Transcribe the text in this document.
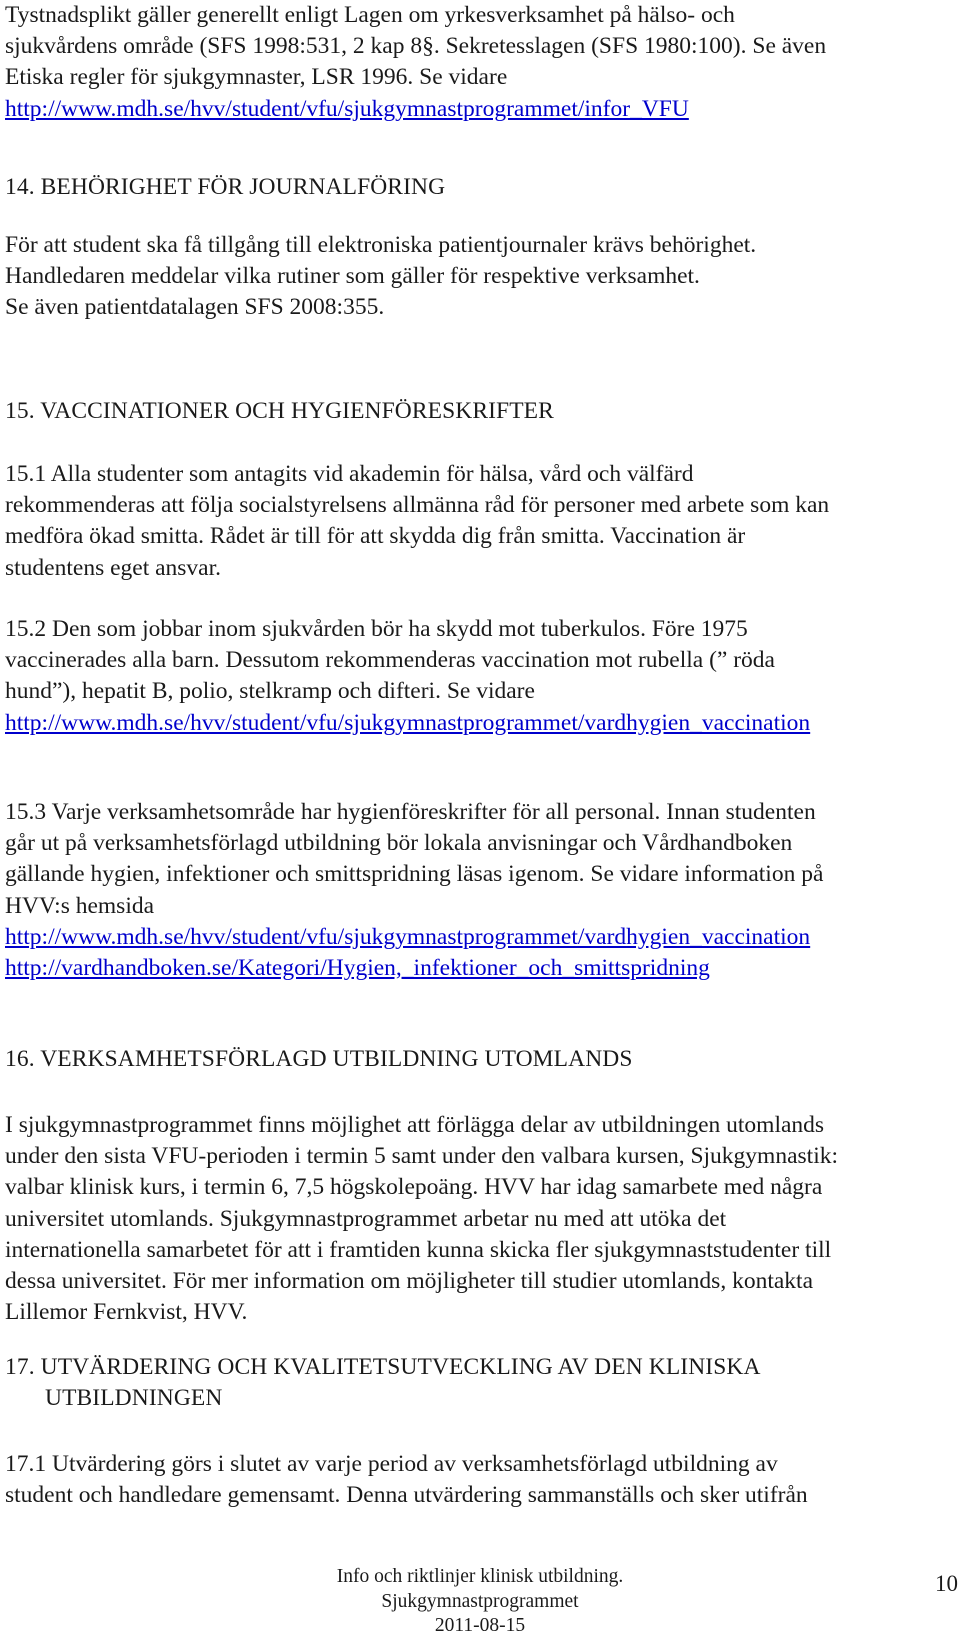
Tystnadsplikt gäller generellt enligt Lagen om yrkesverksamhet på hälso- och
sjukvårdens område (SFS 1998:531, 2 kap 8§. Sekretesslagen (SFS 1980:100). Se även
Etiska regler för sjukgymnaster, LSR 1996. Se vidare
http://www.mdh.se/hvv/student/vfu/sjukgymnastprogrammet/infor_VFU
14. BEHÖRIGHET FÖR JOURNALFÖRING
För att student ska få tillgång till elektroniska patientjournaler krävs behörighet.
Handledaren meddelar vilka rutiner som gäller för respektive verksamhet.
Se även patientdatalagen SFS 2008:355.
15. VACCINATIONER OCH HYGIENFÖRESKRIFTER
15.1 Alla studenter som antagits vid akademin för hälsa, vård och välfärd
rekommenderas att följa socialstyrelsens allmänna råd för personer med arbete som kan
medföra ökad smitta. Rådet är till för att skydda dig från smitta. Vaccination är
studentens eget ansvar.
15.2 Den som jobbar inom sjukvården bör ha skydd mot tuberkulos. Före 1975
vaccinerades alla barn. Dessutom rekommenderas vaccination mot rubella (” röda
hund”), hepatit B, polio, stelkramp och difteri. Se vidare
http://www.mdh.se/hvv/student/vfu/sjukgymnastprogrammet/vardhygien_vaccination
15.3 Varje verksamhetsområde har hygienföreskrifter för all personal. Innan studenten
går ut på verksamhetsförlagd utbildning bör lokala anvisningar och Vårdhandboken
gällande hygien, infektioner och smittspridning läsas igenom. Se vidare information på
HVV:s hemsida
http://www.mdh.se/hvv/student/vfu/sjukgymnastprogrammet/vardhygien_vaccination
http://vardhandboken.se/Kategori/Hygien,_infektioner_och_smittspridning
16. VERKSAMHETSFÖRLAGD UTBILDNING UTOMLANDS
I sjukgymnastprogrammet finns möjlighet att förlägga delar av utbildningen utomlands
under den sista VFU-perioden i termin 5 samt under den valbara kursen, Sjukgymnastik:
valbar klinisk kurs, i termin 6, 7,5 högskolepoäng. HVV har idag samarbete med några
universitet utomlands. Sjukgymnastprogrammet arbetar nu med att utöka det
internationella samarbetet för att i framtiden kunna skicka fler sjukgymnaststudenter till
dessa universitet. För mer information om möjligheter till studier utomlands, kontakta
Lillemor Fernkvist, HVV.
17. UTVÄRDERING OCH KVALITETSUTVECKLING AV DEN KLINISKA
UTBILDNINGEN
17.1 Utvärdering görs i slutet av varje period av verksamhetsförlagd utbildning av
student och handledare gemensamt. Denna utvärdering sammanställs och sker utifrån
Info och riktlinjer klinisk utbildning.
Sjukgymnastprogrammet
2011-08-15
10
